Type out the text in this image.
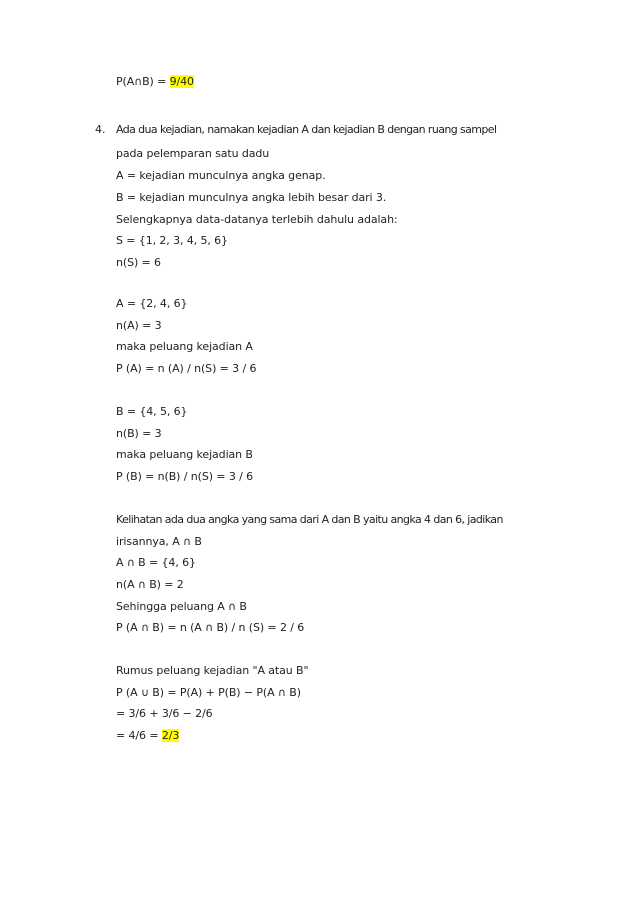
P(A∩B) = 9/40
4. Ada dua kejadian, namakan kejadian A dan kejadian B dengan ruang sampel
pada pelemparan satu dadu
A = kejadian munculnya angka genap.
B = kejadian munculnya angka lebih besar dari 3.
Selengkapnya data-datanya terlebih dahulu adalah:
S = {1, 2, 3, 4, 5, 6}
n(S) = 6
A = {2, 4, 6}
n(A) = 3
maka peluang kejadian A
P (A) = n (A) / n(S) = 3 / 6
B = {4, 5, 6}
n(B) = 3
maka peluang kejadian B
P (B) = n(B) / n(S) = 3 / 6
Kelihatan ada dua angka yang sama dari A dan B yaitu angka 4 dan 6, jadikan
irisannya, A ∩ B
A ∩ B = {4, 6}
n(A ∩ B) = 2
Sehingga peluang A ∩ B
P (A ∩ B) = n (A ∩ B) / n (S) = 2 / 6
Rumus peluang kejadian "A atau B"
P (A ∪ B) = P(A) + P(B) − P(A ∩ B)
= 3/6 + 3/6 − 2/6
= 4/6 = 2/3
